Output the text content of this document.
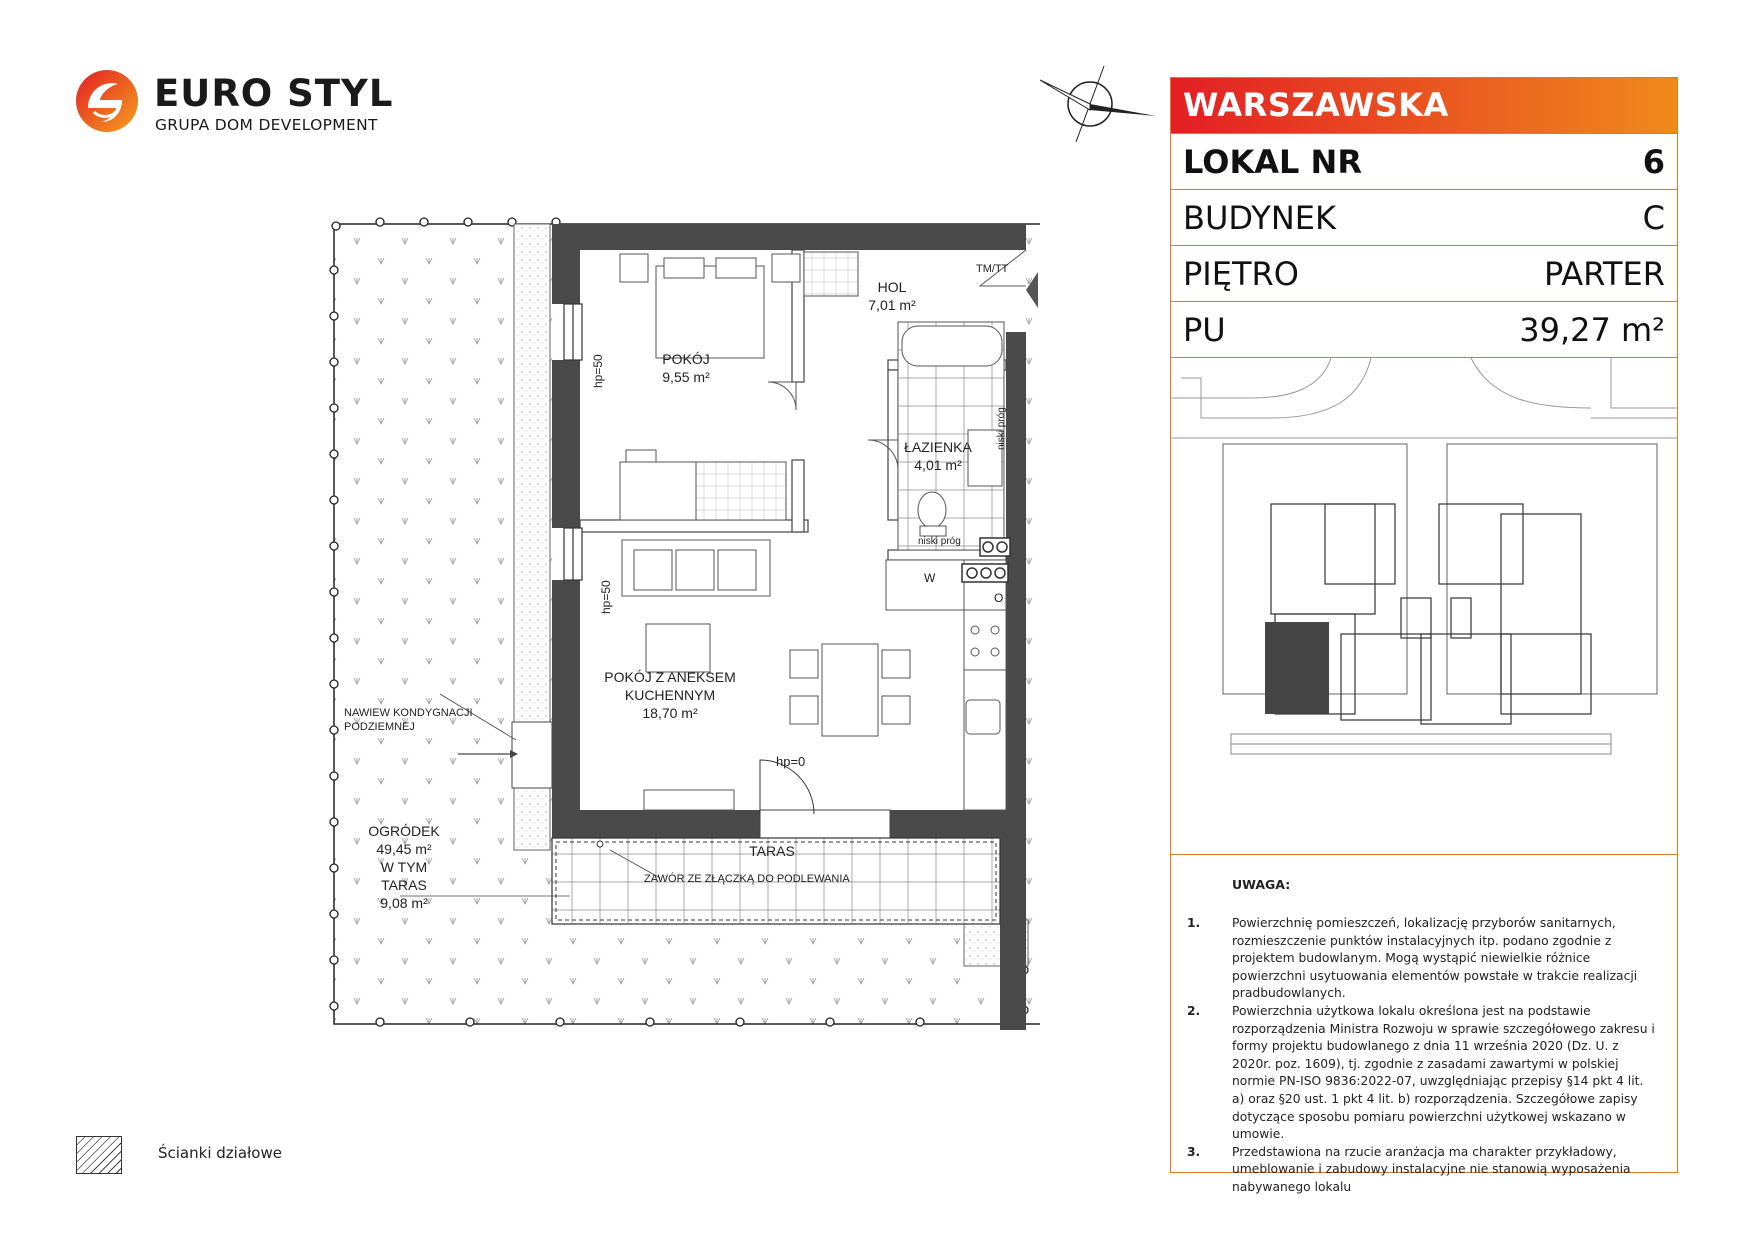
EURO STYL
GRUPA DOM DEVELOPMENT
HOL
7,01 m²
POKÓJ
9,55 m²
ŁAZIENKA
4,01 m²
POKÓJ Z ANEKSEM
KUCHENNYM
18,70 m²
TARAS
OGRÓDEK
49,45 m²
W TYM
TARAS
9,08 m²
TM/TT
hp=50
hp=50
hp=0
niski próg
niski próg
W
O
NAWIEW KONDYGNACJI
PODZIEMNEJ
ZAWÓR ZE ZŁĄCZKĄ DO PODLEWANIA
Ścianki działowe
WARSZAWSKA
LOKAL NR	6
BUDYNEK	C
PIĘTRO	PARTER
PU	39,27 m²
UWAGA:
1.	Powierzchnię pomieszczeń, lokalizację przyborów sanitarnych, rozmieszczenie punktów instalacyjnych itp. podano zgodnie z projektem budowlanym. Mogą wystąpić niewielkie różnice powierzchni usytuowania elementów powstałe w trakcie realizacji pradbudowlanych.
2.	Powierzchnia użytkowa lokalu określona jest na podstawie rozporządzenia Ministra Rozwoju w sprawie szczegółowego zakresu i formy projektu budowlanego z dnia 11 września 2020 (Dz. U. z 2020r. poz. 1609), tj. zgodnie z zasadami zawartymi w polskiej normie PN-ISO 9836:2022-07, uwzględniając przepisy §14 pkt 4 lit. a) oraz §20 ust. 1 pkt 4 lit. b) rozporządzenia. Szczegółowe zapisy dotyczące sposobu pomiaru powierzchni użytkowej wskazano w umowie.
3.	Przedstawiona na rzucie aranżacja ma charakter przykładowy, umeblowanie i zabudowy instalacyjne nie stanowią wyposażenia nabywanego lokalu
